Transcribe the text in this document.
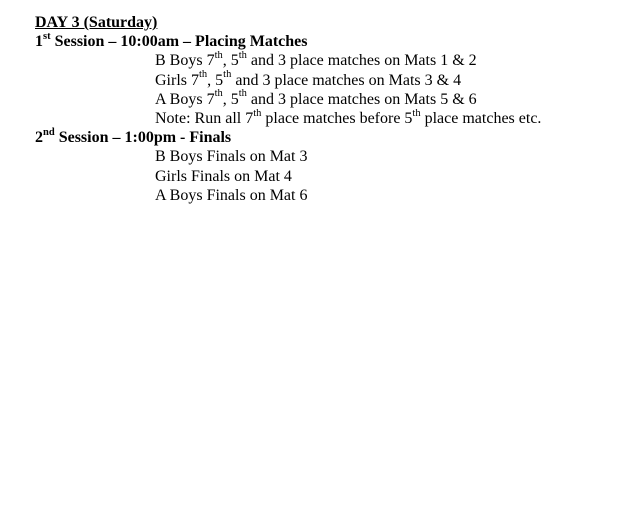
DAY 3 (Saturday)
1st Session – 10:00am – Placing Matches
B Boys 7th, 5th and 3 place matches on Mats 1 & 2
Girls 7th, 5th and 3 place matches on Mats 3 & 4
A Boys 7th, 5th and 3 place matches on Mats 5 & 6
Note: Run all 7th place matches before 5th place matches etc.
2nd Session – 1:00pm - Finals
B Boys Finals on Mat 3
Girls Finals on Mat 4
A Boys Finals on Mat 6
